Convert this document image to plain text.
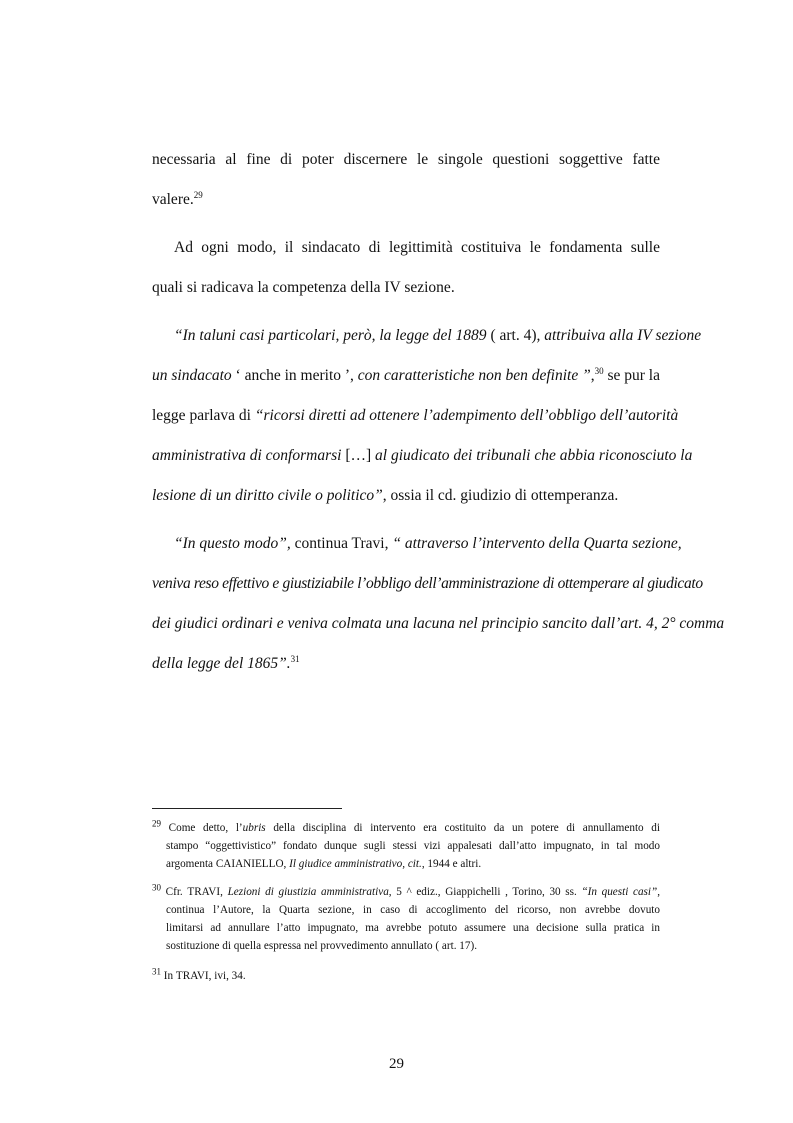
necessaria al fine di poter discernere le singole questioni soggettive fatte
valere.$^{29}$
Ad ogni modo, il sindacato di legittimità costituiva le fondamenta sulle
quali si radicava la competenza della IV sezione.
“In taluni casi particolari, però, la legge del 1889 ( art. 4), attribuiva alla IV sezione
un sindacato ‘ anche in merito ’, con caratteristiche non ben definite ”,$^{30}$ se pur la
legge parlava di “ricorsi diretti ad ottenere l’adempimento dell’obbligo dell’autorità
amministrativa di conformarsi […] al giudicato dei tribunali che abbia riconosciuto la
lesione di un diritto civile o politico”, ossia il cd. giudizio di ottemperanza.
“In questo modo”, continua Travi, “ attraverso l’intervento della Quarta sezione,
veniva reso effettivo e giustiziabile l’obbligo dell’amministrazione di ottemperare al giudicato
dei giudici ordinari e veniva colmata una lacuna nel principio sancito dall’art. 4, 2° comma
della legge del 1865”.$^{31}$
$^{29}$ Come detto, l’ubris della disciplina di intervento era costituito da un potere di annullamento di
stampo “oggettivistico” fondato dunque sugli stessi vizi appalesati dall’atto impugnato, in tal modo
argomenta CAIANIELLO, Il giudice amministrativo, cit., 1944 e altri.
$^{30}$ Cfr. TRAVI, Lezioni di giustizia amministrativa, 5 ^ ediz., Giappichelli , Torino, 30 ss. “In questi casi”,
continua l’Autore, la Quarta sezione, in caso di accoglimento del ricorso, non avrebbe dovuto
limitarsi ad annullare l’atto impugnato, ma avrebbe potuto assumere una decisione sulla pratica in
sostituzione di quella espressa nel provvedimento annullato ( art. 17).
$^{31}$ In TRAVI, ivi, 34.
29
